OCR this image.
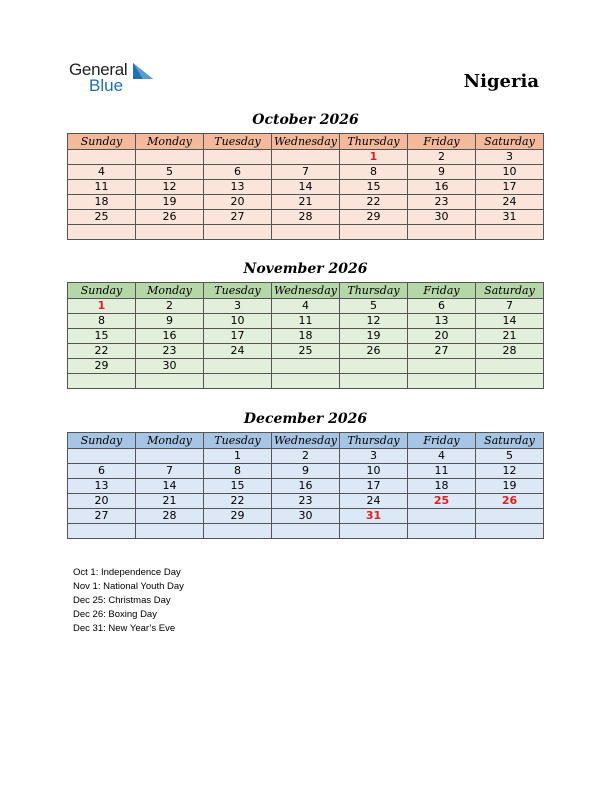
General
Blue	Nigeria
October 2026
Sunday	Monday	Tuesday	Wednesday	Thursday	Friday	Saturday
				1	2	3
4	5	6	7	8	9	10
11	12	13	14	15	16	17
18	19	20	21	22	23	24
25	26	27	28	29	30	31

November 2026
Sunday	Monday	Tuesday	Wednesday	Thursday	Friday	Saturday
1	2	3	4	5	6	7
8	9	10	11	12	13	14
15	16	17	18	19	20	21
22	23	24	25	26	27	28
29	30					

December 2026
Sunday	Monday	Tuesday	Wednesday	Thursday	Friday	Saturday
		1	2	3	4	5
6	7	8	9	10	11	12
13	14	15	16	17	18	19
20	21	22	23	24	25	26
27	28	29	30	31		

Oct 1: Independence Day
Nov 1: National Youth Day
Dec 25: Christmas Day
Dec 26: Boxing Day
Dec 31: New Year’s Eve
